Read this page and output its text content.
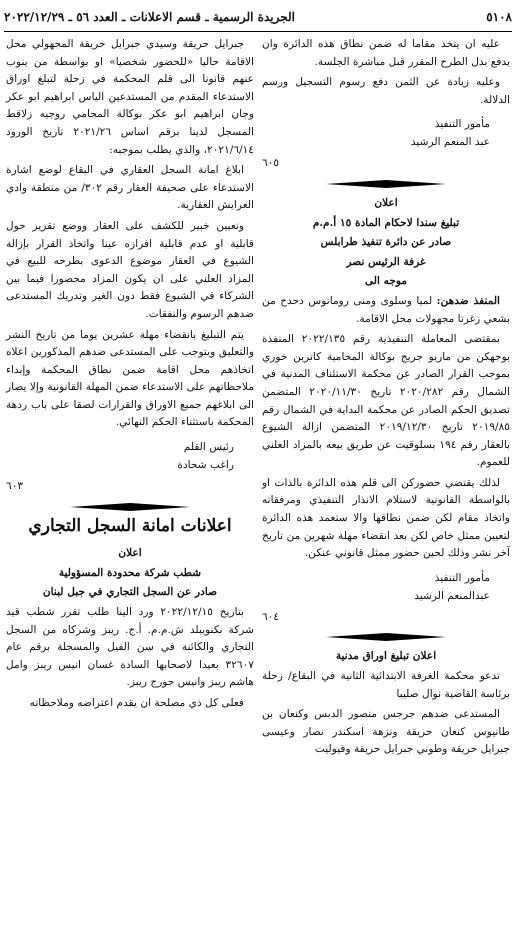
٥١٠٨
الجريدة الرسمية ـ قسم الاعلانات ـ العدد ٥٦ ـ ٢٠٢٢/١٢/٢٩

عليه ان يتخذ مقاما له ضمن نطاق هذه الدائرة وان يدفع بدل الطرح المقرر قبل مباشرة الجلسة.

وعليه زيادة عن الثمن دفع رسوم التسجيل ورسم الدلالة.

مأمور التنفيذ
عبد المنعم الرشيد
٦٠٥
اعلان
تبليغ سندا لاحكام المادة ١٥ أ.م.م
صادر عن دائرة تنفيذ طرابلس
غرفة الرئيس نصر
موجه الى

المنفذ ضدهن: لميا وسلوى ومنى رومانوس دحدح من بشعي زغرتا مجهولات محل الاقامة.

بمقتضى المعاملة التنفيذية رقم ٢٠٢٢/١٣٥ المنفذة بوجهكن من ماريو جريج بوكالة المحامية كاترين خوري بموجب القرار الصادر عن محكمة الاستئناف المدنية في الشمال رقم ٢٠٢٠/٢٨٢ تاريخ ٢٠٢٠/١١/٣٠ المتضمن تصديق الحكم الصادر عن محكمة البداية في الشمال رقم ٢٠١٩/٨٥ تاريخ ٢٠١٩/١٢/٣٠ المتضمن ازالة الشيوع بالعقار رقم ١٩٤ بسلوقيت عن طريق بيعه بالمزاد العلني للعموم.

لذلك يقتضي حضوركن الى قلم هذه الدائرة بالذات او بالواسطة القانونية لاستلام الانذار التنفيذي ومرفقاته واتخاذ مقام لكن ضمن نطاقها والا ستعمد هذه الدائرة لتعيين ممثل خاص لكن بعد انقضاء مهلة شهرين من تاريخ آخر نشر وذلك لحين حضور ممثل قانوني عنكن.

مأمور التنفيذ
عبدالمنعم الرشيد
٦٠٤
اعلان تبليغ اوراق مدنية

تدعو محكمة الغرفة الابتدائية الثانية في البقاع/ زحلة برئاسة القاضية نوال صليبا

المستدعى ضدهم جرجس منصور الدبس وكنعان بن طانيوس كنعان حريقة ونزهة اسكندر نصار وعيسى جبرايل حريقة وطوني جبرايل حريقة وفيوليت

جبرايل حريقة وسيدي جبرايل حريقة المجهولي محل الاقامة حاليا «للحضور شخصيا» او بواسطة من ينوب عنهم قانونا الى قلم المحكمة في زحلة لتبلغ اوراق الاستدعاء المقدم من المستدعين الياس ابراهيم ابو عكر وجان ابراهيم ابو عكر بوكالة المحامي روجيه زلاقط المسجل لدينا برقم اساس ٢٠٢١/٢٦ تاريخ الورود ٢٠٢١/٦/١٤، والذي يطلب بموجبه:

ابلاغ امانة السجل العقاري في البقاع لوضع اشارة الاستدعاء على صحيفة العقار رقم ٣٠٢/ من منطقة وادي العرايش العقارية.

وتعيين خبير للكشف على العقار ووضع تقرير حول قابلية او عدم قابلية افرازه عينا واتخاذ القرار بإزالة الشيوع في العقار موضوع الدعوى بطرحه للبيع في المزاد العلني على ان يكون المزاد محصورا فيما بين الشركاء في الشيوع فقط دون الغير وتدريك المستدعى ضدهم الرسوم والنفقات.

يتم التبليغ بانقضاء مهلة عشرين يوما من تاريخ النشر والتعليق ويتوجب على المستدعى ضدهم المذكورين اعلاه اتخاذهم محل اقامة ضمن نطاق المحكمة وإبداء ملاحظاتهم على الاستدعاء ضمن المهلة القانونية وإلا يصار الى ابلاغهم جميع الاوراق والقرارات لصقا على باب ردهة المحكمة باستثناء الحكم النهائي.

رئيس القلم
راغب شحادة
٦٠٣
اعلانات امانة السجل التجاري
اعلان
شطب شركة محدودة المسؤولية
صادر عن السجل التجاري في جبل لبنان

بتاريخ ٢٠٢٢/١٢/١٥ ورد الينا طلب تقرر شطب قيد شركة نكنويبلد ش.م.م. أ.ج. ريبز وشركاه من السجل التجاري والكائنة في سن الفيل والمسجلة برقم عام ٣٢٦٠٧ بعيدا لاصحابها السادة غسان انيس ريبز وامل هاشم ريبز وانيس جورج ريبز.

فعلى كل ذي مصلحة ان يقدم اعتراضه وملاحظاته
